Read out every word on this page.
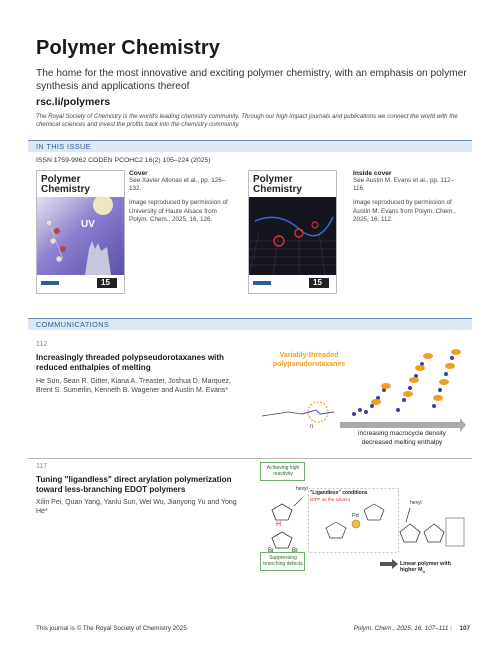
Polymer Chemistry
The home for the most innovative and exciting polymer chemistry, with an emphasis on polymer synthesis and applications thereof
rsc.li/polymers
The Royal Society of Chemistry is the world's leading chemistry community. Through our high impact journals and publications we connect the world with the chemical sciences and invest the profits back into the chemistry community.
IN THIS ISSUE
ISSN 1759-9962 CODEN PCOHC2 16(2) 105–224 (2025)
Polymer
Chemistry
UV
15
Cover
See Xavier Allonas et al., pp. 126–132.
Image reproduced by permission of University of Haute Alsace from Polym. Chem., 2025, 16, 126.
Polymer
Chemistry
15
Inside cover
See Austin M. Evans et al., pp. 112–116.
Image reproduced by permission of Austin M. Evans from Polym. Chem., 2025, 16, 112.
COMMUNICATIONS
112
Increasingly threaded polypseudorotaxanes with reduced enthalpies of melting
He Sun, Sean R. Gitter, Kiana A. Treaster, Joshua D. Marquez, Brent S. Sumerlin, Kenneth B. Wagener and Austin M. Evans*
Variably-threaded
polypseudorotaxanes
n
increasing macrocycle density
decreased melting enthalpy
117
Tuning "ligandless" direct arylation polymerization toward less-branching EDOT polymers
Xilin Pei, Quan Yang, Yanlu Sun, Wei Wu, Jianyong Yu and Yong He*
H
Br	Br
Achieving high
reactivity
Suppressing
branching defects
"Ligandless" conditions
DtFP as the solvent
hexyl
hexyl
Pd
Linear polymer with higher $M_n$
This journal is © The Royal Society of Chemistry 2025	Polym. Chem., 2025, 16, 107–111 | 107
